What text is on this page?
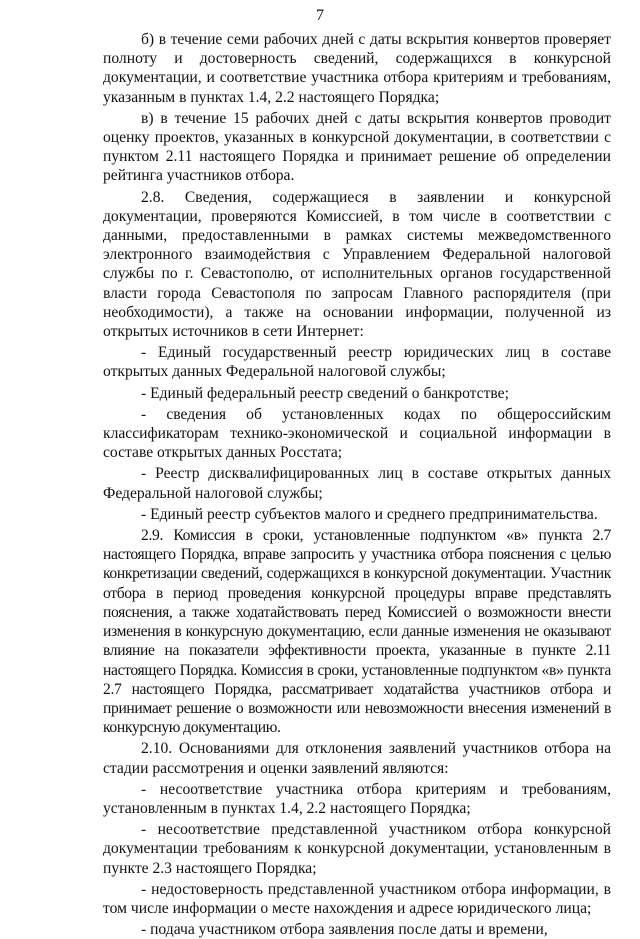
7

б) в течение семи рабочих дней с даты вскрытия конвертов проверяет полноту и достоверность сведений, содержащихся в конкурсной документации, и соответствие участника отбора критериям и требованиям, указанным в пунктах 1.4, 2.2 настоящего Порядка;

в) в течение 15 рабочих дней с даты вскрытия конвертов проводит оценку проектов, указанных в конкурсной документации, в соответствии с пунктом 2.11 настоящего Порядка и принимает решение об определении рейтинга участников отбора.

2.8. Сведения, содержащиеся в заявлении и конкурсной документации, проверяются Комиссией, в том числе в соответствии с данными, предоставленными в рамках системы межведомственного электронного взаимодействия с Управлением Федеральной налоговой службы по г. Севастополю, от исполнительных органов государственной власти города Севастополя по запросам Главного распорядителя (при необходимости), а также на основании информации, полученной из открытых источников в сети Интернет:

- Единый государственный реестр юридических лиц в составе открытых данных Федеральной налоговой службы;

- Единый федеральный реестр сведений о банкротстве;

- сведения об установленных кодах по общероссийским классификаторам технико-экономической и социальной информации в составе открытых данных Росстата;

- Реестр дисквалифицированных лиц в составе открытых данных Федеральной налоговой службы;

- Единый реестр субъектов малого и среднего предпринимательства.

2.9. Комиссия в сроки, установленные подпунктом «в» пункта 2.7 настоящего Порядка, вправе запросить у участника отбора пояснения с целью конкретизации сведений, содержащихся в конкурсной документации. Участник отбора в период проведения конкурсной процедуры вправе представлять пояснения, а также ходатайствовать перед Комиссией о возможности внести изменения в конкурсную документацию, если данные изменения не оказывают влияние на показатели эффективности проекта, указанные в пункте 2.11 настоящего Порядка. Комиссия в сроки, установленные подпунктом «в» пункта 2.7 настоящего Порядка, рассматривает ходатайства участников отбора и принимает решение о возможности или невозможности внесения изменений в конкурсную документацию.

2.10. Основаниями для отклонения заявлений участников отбора на стадии рассмотрения и оценки заявлений являются:

- несоответствие участника отбора критериям и требованиям, установленным в пунктах 1.4, 2.2 настоящего Порядка;

- несоответствие представленной участником отбора конкурсной документации требованиям к конкурсной документации, установленным в пункте 2.3 настоящего Порядка;

- недостоверность представленной участником отбора информации, в том числе информации о месте нахождения и адресе юридического лица;

- подача участником отбора заявления после даты и времени,
